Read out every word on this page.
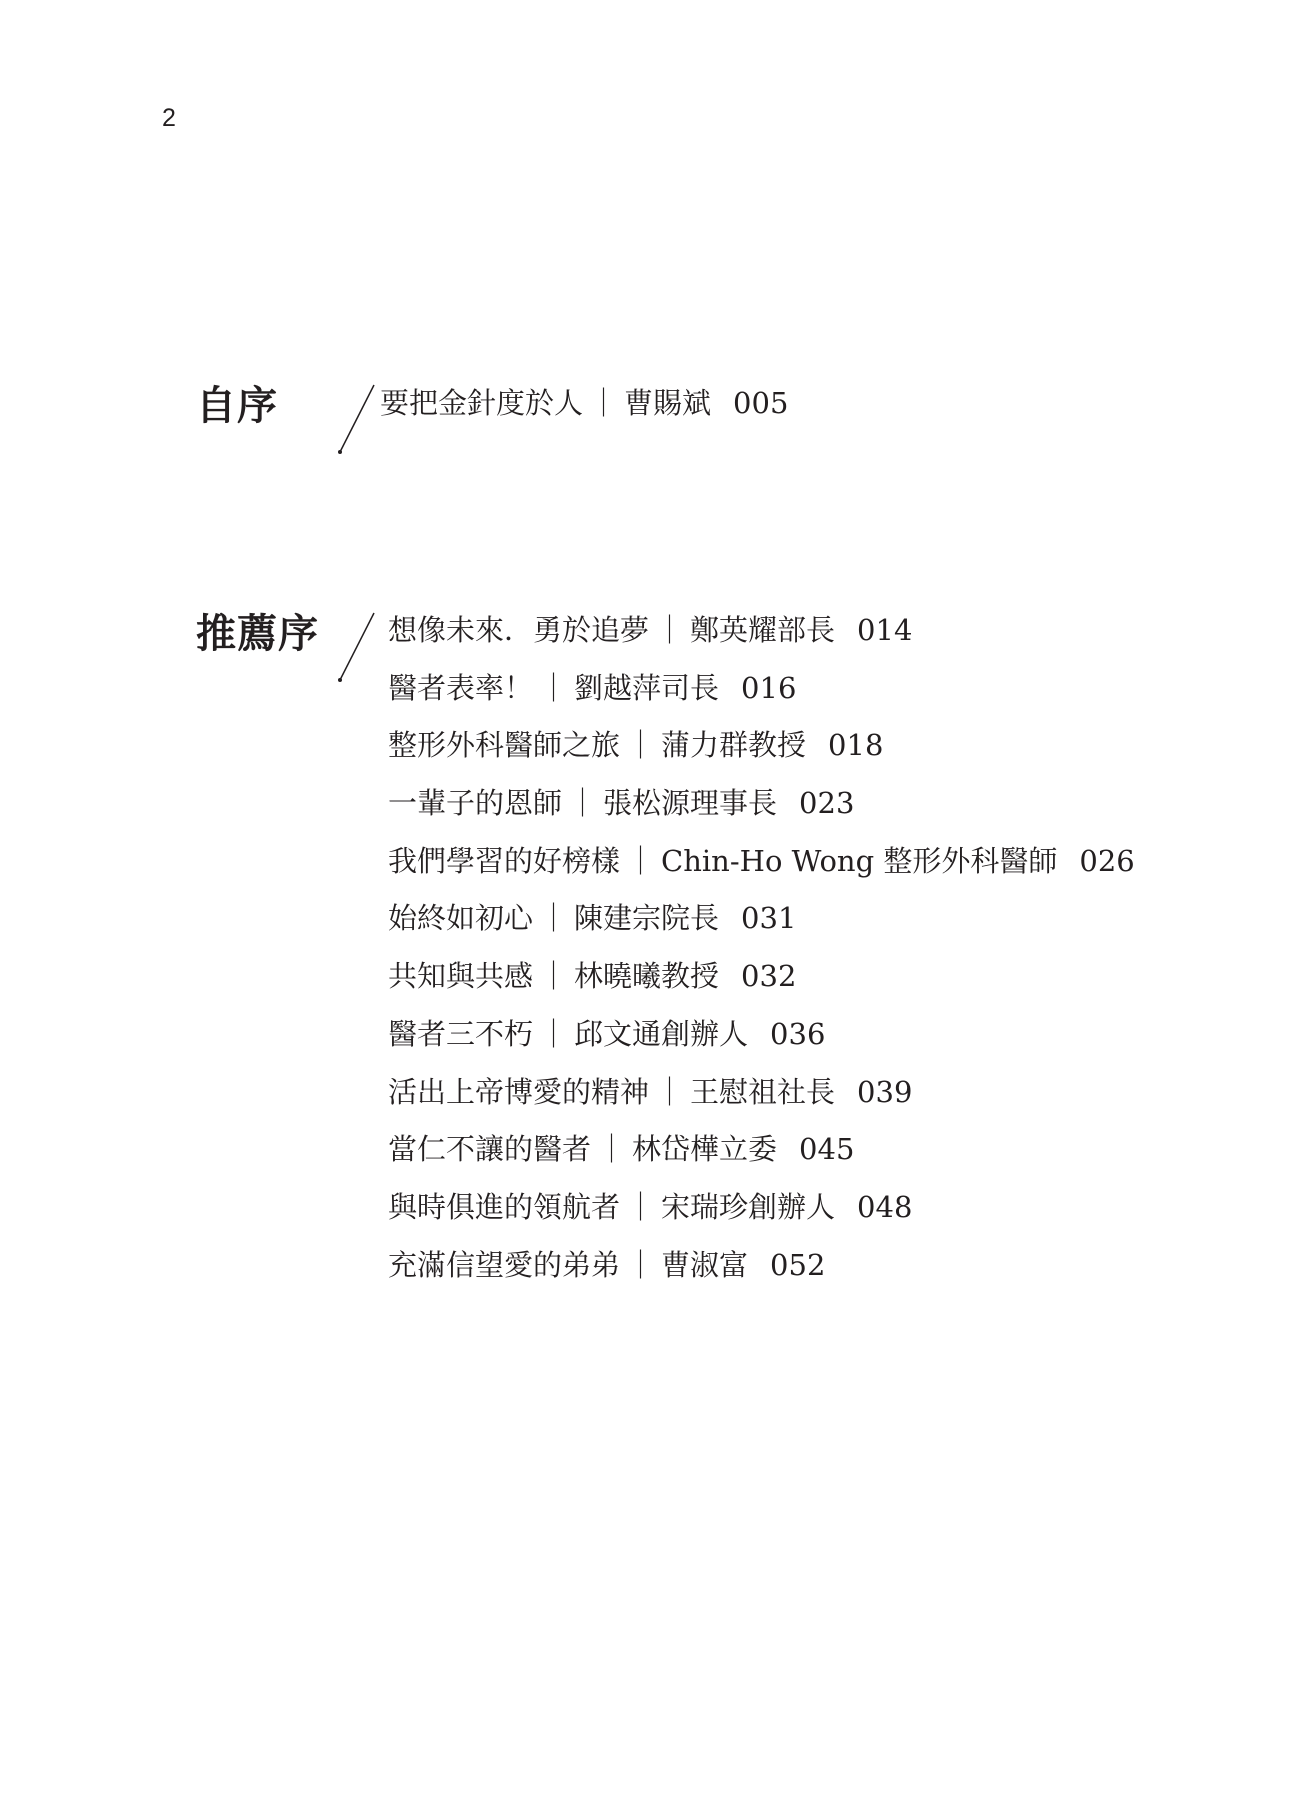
2
自序	要把金針度於人 ｜ 曹賜斌 005
推薦序 想像未來．勇於追夢 ｜ 鄭英耀部長 014
醫者表率！ ｜ 劉越萍司長 016
整形外科醫師之旅 ｜ 蒲力群教授 018
一輩子的恩師 ｜ 張松源理事長 023
我們學習的好榜樣 ｜ Chin-Ho Wong 整形外科醫師 026
始終如初心 ｜ 陳建宗院長 031
共知與共感 ｜ 林曉曦教授 032
醫者三不朽 ｜ 邱文通創辦人 036
活出上帝博愛的精神 ｜ 王慰祖社長 039
當仁不讓的醫者 ｜ 林岱樺立委 045
與時俱進的領航者 ｜ 宋瑞珍創辦人 048
充滿信望愛的弟弟 ｜ 曹淑富 052
